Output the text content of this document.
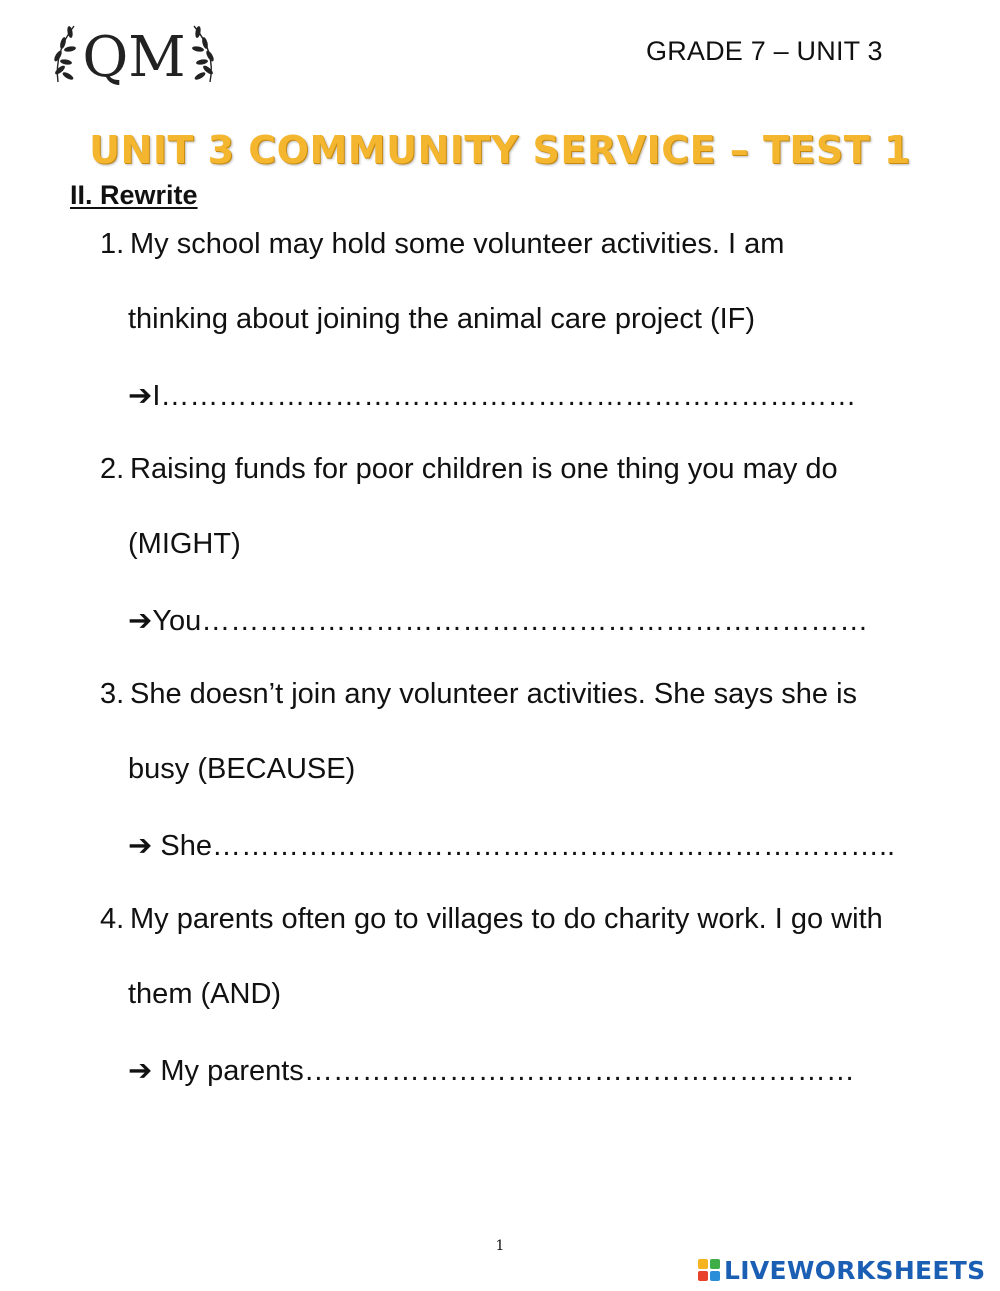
QM	GRADE 7 – UNIT 3
UNIT 3 COMMUNITY SERVICE – TEST 1
II. Rewrite
1. My school may hold some volunteer activities. I am
thinking about joining the animal care project (IF)
➔I………………………………………………………………
2. Raising funds for poor children is one thing you may do
(MIGHT)
➔You……………………………………………………………
3. She doesn’t join any volunteer activities. She says she is
busy (BECAUSE)
➔ She……………………………………………………………..
4. My parents often go to villages to do charity work. I go with
them (AND)
➔ My parents…………………………………………………
1
LIVEWORKSHEETS
